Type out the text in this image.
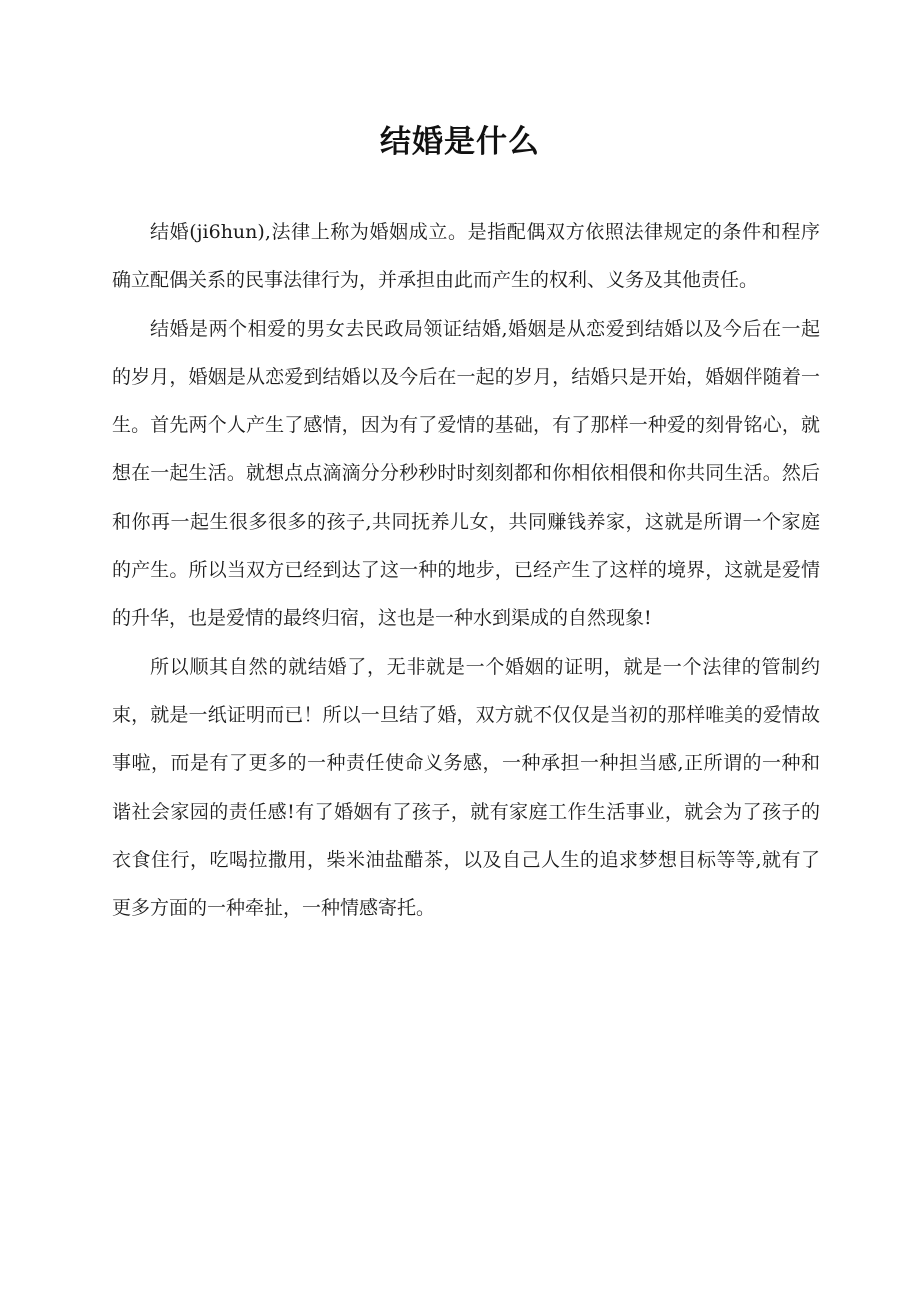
结婚是什么

结婚(ji6hun),法律上称为婚姻成立。是指配偶双方依照法律规定的条件和程序确立配偶关系的民事法律行为，并承担由此而产生的权利、义务及其他责任。

结婚是两个相爱的男女去民政局领证结婚,婚姻是从恋爱到结婚以及今后在一起的岁月，婚姻是从恋爱到结婚以及今后在一起的岁月，结婚只是开始，婚姻伴随着一生。首先两个人产生了感情，因为有了爱情的基础，有了那样一种爱的刻骨铭心，就想在一起生活。就想点点滴滴分分秒秒时时刻刻都和你相依相偎和你共同生活。然后和你再一起生很多很多的孩子,共同抚养儿女，共同赚钱养家，这就是所谓一个家庭的产生。所以当双方已经到达了这一种的地步，已经产生了这样的境界，这就是爱情的升华，也是爱情的最终归宿，这也是一种水到渠成的自然现象!

所以顺其自然的就结婚了，无非就是一个婚姻的证明，就是一个法律的管制约束，就是一纸证明而已！所以一旦结了婚，双方就不仅仅是当初的那样唯美的爱情故事啦，而是有了更多的一种责任使命义务感，一种承担一种担当感,正所谓的一种和谐社会家园的责任感!有了婚姻有了孩子，就有家庭工作生活事业，就会为了孩子的衣食住行，吃喝拉撒用，柴米油盐醋茶，以及自己人生的追求梦想目标等等,就有了更多方面的一种牵扯，一种情感寄托。
